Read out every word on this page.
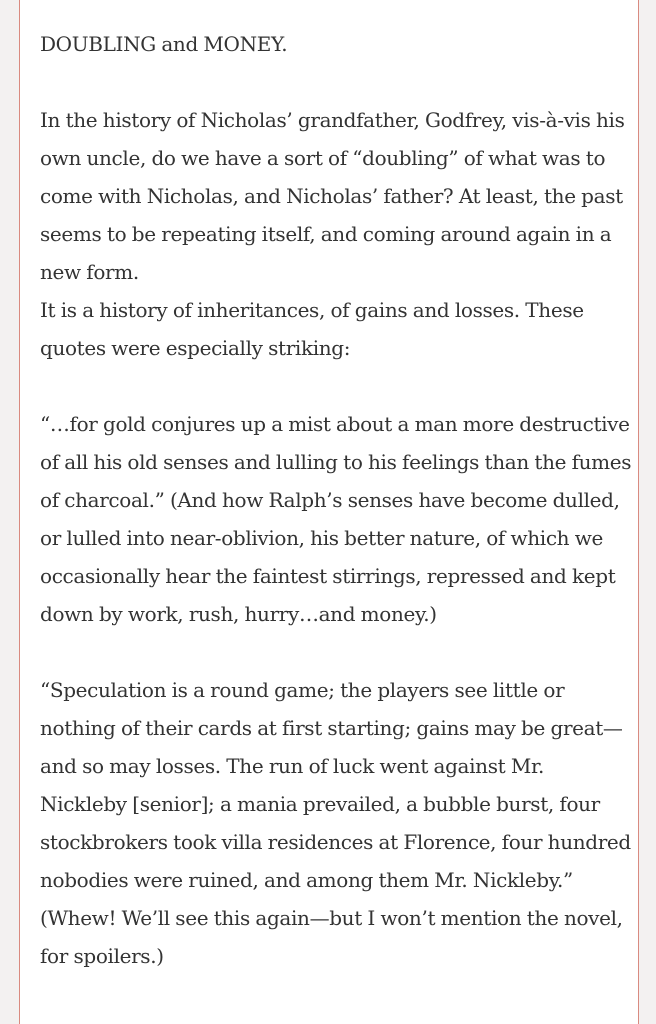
DOUBLING and MONEY.

In the history of Nicholas’ grandfather, Godfrey, vis-à-vis his own uncle, do we have a sort of “doubling” of what was to come with Nicholas, and Nicholas’ father? At least, the past seems to be repeating itself, and coming around again in a new form.

It is a history of inheritances, of gains and losses. These quotes were especially striking:

“…for gold conjures up a mist about a man more destructive of all his old senses and lulling to his feelings than the fumes of charcoal.” (And how Ralph’s senses have become dulled, or lulled into near-oblivion, his better nature, of which we occasionally hear the faintest stirrings, repressed and kept down by work, rush, hurry…and money.)

“Speculation is a round game; the players see little or nothing of their cards at first starting; gains may be great—and so may losses. The run of luck went against Mr. Nickleby [senior]; a mania prevailed, a bubble burst, four stockbrokers took villa residences at Florence, four hundred nobodies were ruined, and among them Mr. Nickleby.” (Whew! We’ll see this again—but I won’t mention the novel, for spoilers.)
